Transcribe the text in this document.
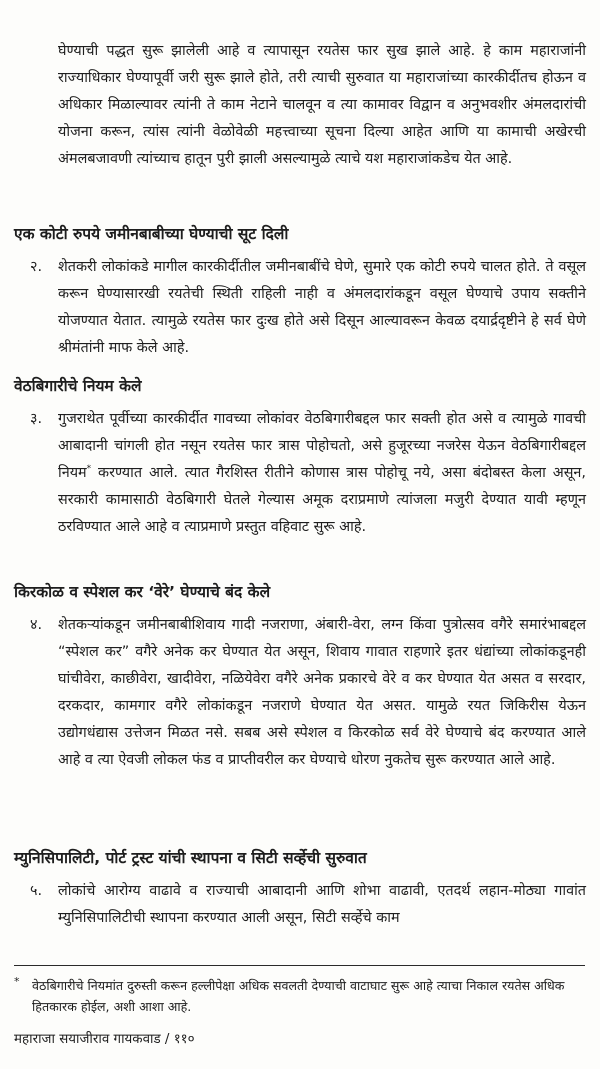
घेण्याची पद्धत सुरू झालेली आहे व त्यापासून रयतेस फार सुख झाले आहे. हे काम महाराजांनी राज्याधिकार घेण्यापूर्वी जरी सुरू झाले होते, तरी त्याची सुरुवात या महाराजांच्या कारकीर्दीतच होऊन व अधिकार मिळाल्यावर त्यांनी ते काम नेटाने चालवून व त्या कामावर विद्वान व अनुभवशीर अंमलदारांची योजना करून, त्यांस त्यांनी वेळोवेळी महत्त्वाच्या सूचना दिल्या आहेत आणि या कामाची अखेरची अंमलबजावणी त्यांच्याच हातून पुरी झाली असल्यामुळे त्याचे यश महाराजांकडेच येत आहे.

एक कोटी रुपये जमीनबाबीच्या घेण्याची सूट दिली
२. शेतकरी लोकांकडे मागील कारकीर्दीतील जमीनबाबींचे घेणे, सुमारे एक कोटी रुपये चालत होते. ते वसूल करून घेण्यासारखी रयतेची स्थिती राहिली नाही व अंमलदारांकडून वसूल घेण्याचे उपाय सक्तीने योजण्यात येतात. त्यामुळे रयतेस फार दुःख होते असे दिसून आल्यावरून केवळ दयार्द्रदृष्टीने हे सर्व घेणे श्रीमंतांनी माफ केले आहे.

वेठबिगारीचे नियम केले
३. गुजराथेत पूर्वीच्या कारकीर्दीत गावच्या लोकांवर वेठबिगारीबद्दल फार सक्ती होत असे व त्यामुळे गावची आबादानी चांगली होत नसून रयतेस फार त्रास पोहोचतो, असे हुजूरच्या नजरेस येऊन वेठबिगारीबद्दल नियम* करण्यात आले. त्यात गैरशिस्त रीतीने कोणास त्रास पोहोचू नये, असा बंदोबस्त केला असून, सरकारी कामासाठी वेठबिगारी घेतले गेल्यास अमूक दराप्रमाणे त्यांजला मजुरी देण्यात यावी म्हणून ठरविण्यात आले आहे व त्याप्रमाणे प्रस्तुत वहिवाट सुरू आहे.

किरकोळ व स्पेशल कर ‘वेरे’ घेण्याचे बंद केले
४. शेतकऱ्यांकडून जमीनबाबीशिवाय गादी नजराणा, अंबारी-वेरा, लग्न किंवा पुत्रोत्सव वगैरे समारंभाबद्दल “स्पेशल कर” वगैरे अनेक कर घेण्यात येत असून, शिवाय गावात राहणारे इतर धंद्यांच्या लोकांकडूनही घांचीवेरा, काछीवेरा, खादीवेरा, नळियेवेरा वगैरे अनेक प्रकारचे वेरे व कर घेण्यात येत असत व सरदार, दरकदार, कामगार वगैरे लोकांकडून नजराणे घेण्यात येत असत. यामुळे रयत जिकिरीस येऊन उद्योगधंद्यास उत्तेजन मिळत नसे. सबब असे स्पेशल व किरकोळ सर्व वेरे घेण्याचे बंद करण्यात आले आहे व त्या ऐवजी लोकल फंड व प्राप्तीवरील कर घेण्याचे धोरण नुकतेच सुरू करण्यात आले आहे.

म्युनिसिपालिटी, पोर्ट ट्रस्ट यांची स्थापना व सिटी सर्व्हेची सुरुवात
५. लोकांचे आरोग्य वाढावे व राज्याची आबादानी आणि शोभा वाढावी, एतदर्थ लहान-मोठ्या गावांत म्युनिसिपालिटीची स्थापना करण्यात आली असून, सिटी सर्व्हेचे काम

* वेठबिगारीचे नियमांत दुरुस्ती करून हल्लीपेक्षा अधिक सवलती देण्याची वाटाघाट सुरू आहे त्याचा निकाल रयतेस अधिक हितकारक होईल, अशी आशा आहे.

महाराजा सयाजीराव गायकवाड / ११०
